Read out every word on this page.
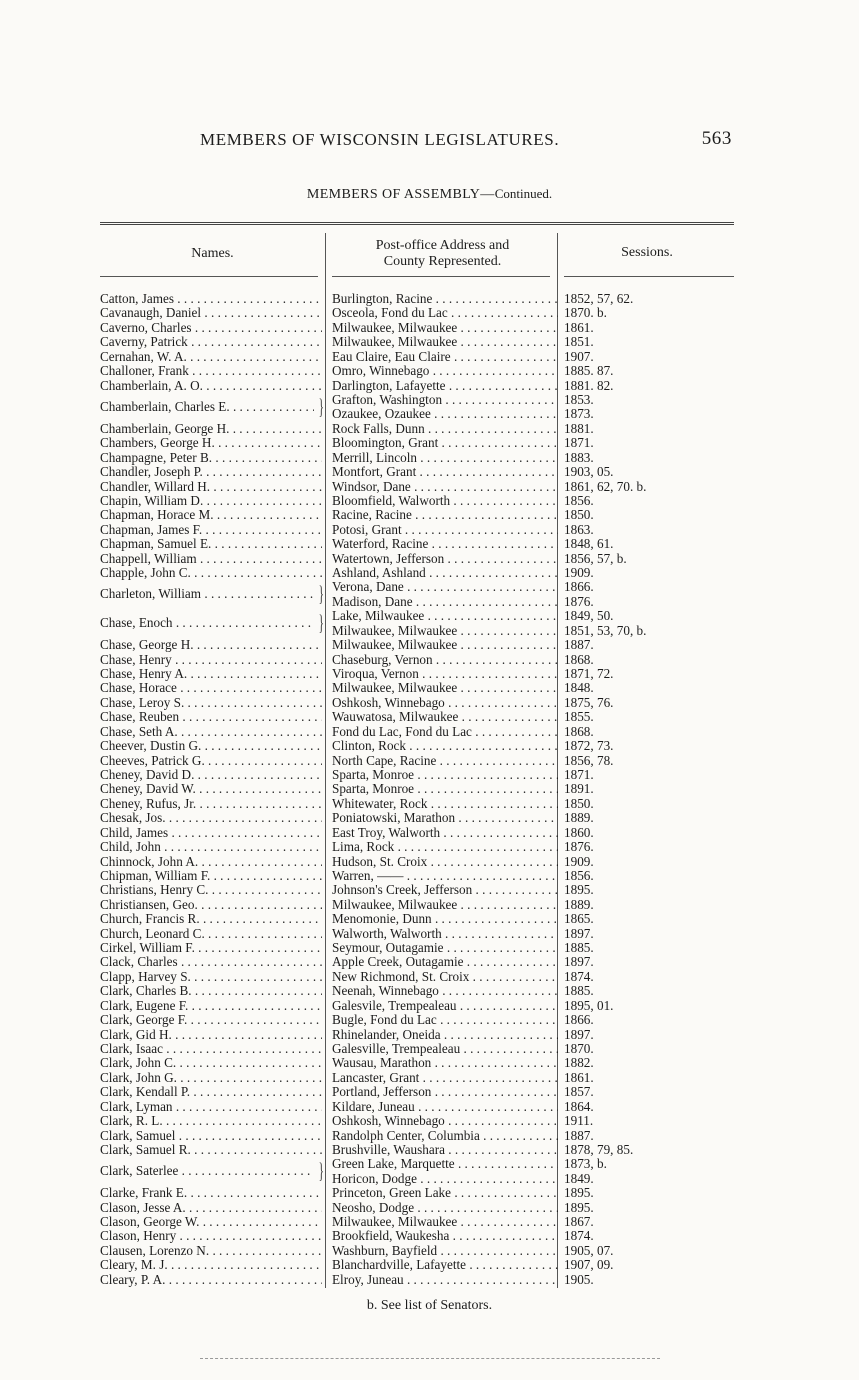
MEMBERS OF WISCONSIN LEGISLATURES.	563
MEMBERS OF ASSEMBLY—Continued.
Names.
Post-office Address and
County Represented.
Sessions.
Catton, James . . .	Burlington, Racine . . .	1852, 57, 62.
Cavanaugh, Daniel . . .	Osceola, Fond du Lac . . .	1870. b.
Caverno, Charles . . .	Milwaukee, Milwaukee . . .	1861.
Caverny, Patrick . . .	Milwaukee, Milwaukee . . .	1851.
Cernahan, W. A. . . .	Eau Claire, Eau Claire . . .	1907.
Challoner, Frank . . .	Omro, Winnebago . . .	1885. 87.
Chamberlain, A. O. . . .	Darlington, Lafayette . . .	1881. 82.
Chamberlain, Charles E. . . .	} Grafton, Washington . . .	1853.
Ozaukee, Ozaukee . . .	1873.
Chamberlain, George H. . . .	Rock Falls, Dunn . . .	1881.
Chambers, George H. . . .	Bloomington, Grant . . .	1871.
Champagne, Peter B. . . .	Merrill, Lincoln . . .	1883.
Chandler, Joseph P. . . .	Montfort, Grant . . .	1903, 05.
Chandler, Willard H. . . .	Windsor, Dane . . .	1861, 62, 70. b.
Chapin, William D. . . .	Bloomfield, Walworth . . .	1856.
Chapman, Horace M. . . .	Racine, Racine . . .	1850.
Chapman, James F. . . .	Potosi, Grant . . .	1863.
Chapman, Samuel E. . . .	Waterford, Racine . . .	1848, 61.
Chappell, William . . .	Watertown, Jefferson . . .	1856, 57, b.
Chapple, John C. . . .	Ashland, Ashland . . .	1909.
Charleton, William . . .	} Verona, Dane . . .	1866.
Madison, Dane . . .	1876.
Chase, Enoch . . .	} Lake, Milwaukee . . .	1849, 50.
Milwaukee, Milwaukee . . .	1851, 53, 70, b.
Chase, George H. . . .	Milwaukee, Milwaukee . . .	1887.
Chase, Henry . . .	Chaseburg, Vernon . . .	1868.
Chase, Henry A. . . .	Viroqua, Vernon . . .	1871, 72.
Chase, Horace . . .	Milwaukee, Milwaukee . . .	1848.
Chase, Leroy S. . . .	Oshkosh, Winnebago . . .	1875, 76.
Chase, Reuben . . .	Wauwatosa, Milwaukee . . .	1855.
Chase, Seth A. . . .	Fond du Lac, Fond du Lac . . .	1868.
Cheever, Dustin G. . . .	Clinton, Rock . . .	1872, 73.
Cheeves, Patrick G. . . .	North Cape, Racine . . .	1856, 78.
Cheney, David D. . . .	Sparta, Monroe . . .	1871.
Cheney, David W. . . .	Sparta, Monroe . . .	1891.
Cheney, Rufus, Jr. . . .	Whitewater, Rock . . .	1850.
Chesak, Jos. . . .	Poniatowski, Marathon . . .	1889.
Child, James . . .	East Troy, Walworth . . .	1860.
Child, John . . .	Lima, Rock . . .	1876.
Chinnock, John A. . . .	Hudson, St. Croix . . .	1909.
Chipman, William F. . . .	Warren, —— . . .	1856.
Christians, Henry C. . . .	Johnson's Creek, Jefferson . . .	1895.
Christiansen, Geo. . . .	Milwaukee, Milwaukee . . .	1889.
Church, Francis R. . . .	Menomonie, Dunn . . .	1865.
Church, Leonard C. . . .	Walworth, Walworth . . .	1897.
Cirkel, William F. . . .	Seymour, Outagamie . . .	1885.
Clack, Charles . . .	Apple Creek, Outagamie . . .	1897.
Clapp, Harvey S. . . .	New Richmond, St. Croix . . .	1874.
Clark, Charles B. . . .	Neenah, Winnebago . . .	1885.
Clark, Eugene F. . . .	Galesvile, Trempealeau . . .	1895, 01.
Clark, George F. . . .	Bugle, Fond du Lac . . .	1866.
Clark, Gid H. . . .	Rhinelander, Oneida . . .	1897.
Clark, Isaac . . .	Galesville, Trempealeau . . .	1870.
Clark, John C. . . .	Wausau, Marathon . . .	1882.
Clark, John G. . . .	Lancaster, Grant . . .	1861.
Clark, Kendall P. . . .	Portland, Jefferson . . .	1857.
Clark, Lyman . . .	Kildare, Juneau . . .	1864.
Clark, R. L. . . .	Oshkosh, Winnebago . . .	1911.
Clark, Samuel . . .	Randolph Center, Columbia . . .	1887.
Clark, Samuel R. . . .	Brushville, Waushara . . .	1878, 79, 85.
Clark, Saterlee . . .	} Green Lake, Marquette . . .	1873, b.
Horicon, Dodge . . .	1849.
Clarke, Frank E. . . .	Princeton, Green Lake . . .	1895.
Clason, Jesse A. . . .	Neosho, Dodge . . .	1895.
Clason, George W. . . .	Milwaukee, Milwaukee . . .	1867.
Clason, Henry . . .	Brookfield, Waukesha . . .	1874.
Clausen, Lorenzo N. . . .	Washburn, Bayfield . . .	1905, 07.
Cleary, M. J. . . .	Blanchardville, Lafayette . . .	1907, 09.
Cleary, P. A. . . .	Elroy, Juneau . . .	1905.
b. See list of Senators.
